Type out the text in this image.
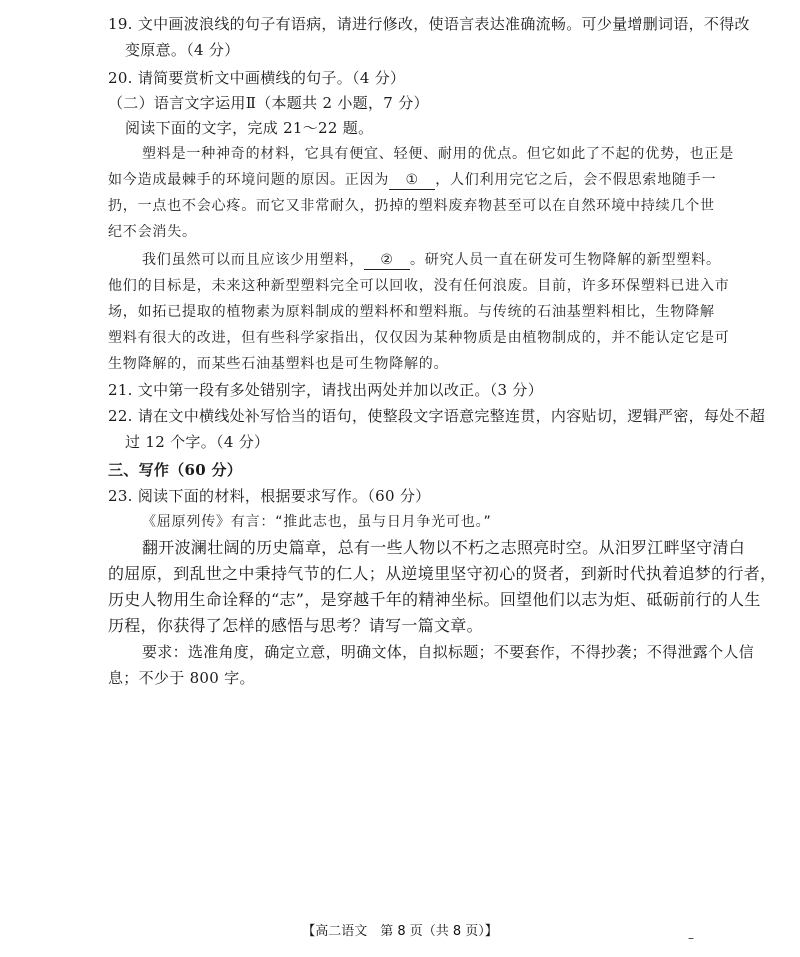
19. 文中画波浪线的句子有语病，请进行修改，使语言表达准确流畅。可少量增删词语，不得改
变原意。（4 分）
20. 请简要赏析文中画横线的句子。（4 分）
（二）语言文字运用Ⅱ（本题共 2 小题，7 分）
阅读下面的文字，完成 21～22 题。
塑料是一种神奇的材料，它具有便宜、轻便、耐用的优点。但它如此了不起的优势，也正是
如今造成最棘手的环境问题的原因。正因为 ① ，人们利用完它之后，会不假思索地随手一
扔，一点也不会心疼。而它又非常耐久，扔掉的塑料废弃物甚至可以在自然环境中持续几个世
纪不会消失。
我们虽然可以而且应该少用塑料， ② 。研究人员一直在研发可生物降解的新型塑料。
他们的目标是，未来这种新型塑料完全可以回收，没有任何浪废。目前，许多环保塑料已进入市
场，如拓已提取的植物素为原料制成的塑料杯和塑料瓶。与传统的石油基塑料相比，生物降解
塑料有很大的改进，但有些科学家指出，仅仅因为某种物质是由植物制成的，并不能认定它是可
生物降解的，而某些石油基塑料也是可生物降解的。
21. 文中第一段有多处错别字，请找出两处并加以改正。（3 分）
22. 请在文中横线处补写恰当的语句，使整段文字语意完整连贯，内容贴切，逻辑严密，每处不超
过 12 个字。（4 分）
三、写作（60 分）
23. 阅读下面的材料，根据要求写作。（60 分）
《屈原列传》有言：“推此志也，虽与日月争光可也。”
翻开波澜壮阔的历史篇章，总有一些人物以不朽之志照亮时空。从汨罗江畔坚守清白
的屈原，到乱世之中秉持气节的仁人；从逆境里坚守初心的贤者，到新时代执着追梦的行者，
历史人物用生命诠释的“志”，是穿越千年的精神坐标。回望他们以志为炬、砥砺前行的人生
历程，你获得了怎样的感悟与思考？请写一篇文章。
要求：选准角度，确定立意，明确文体，自拟标题；不要套作，不得抄袭；不得泄露个人信
息；不少于 800 字。
【高二语文　第 8 页（共 8 页）】	–
